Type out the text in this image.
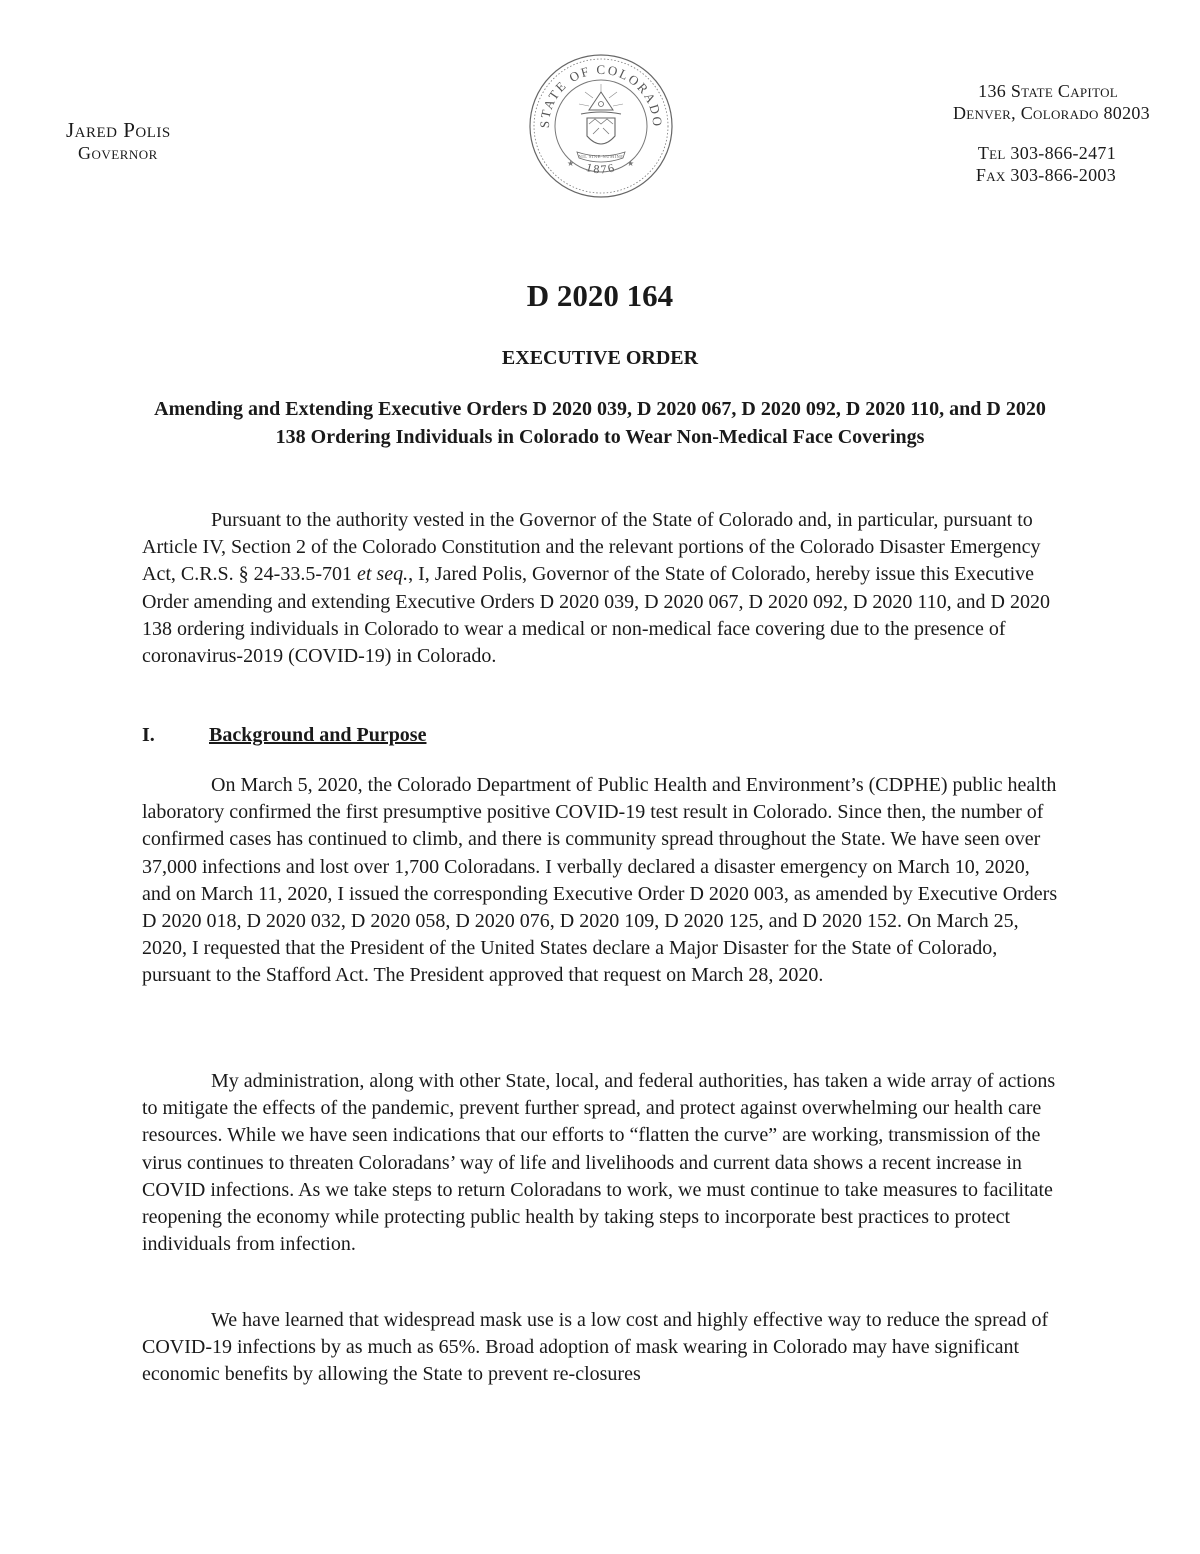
Jared Polis
Governor
STATE OF COLORADO
1876
NIL SINE NUMINE
★	★
136 State Capitol
Denver, Colorado 80203
Tel 303-866-2471
Fax 303-866-2003
D 2020 164
EXECUTIVE ORDER
Amending and Extending Executive Orders D 2020 039, D 2020 067, D 2020 092, D 2020 110, and D 2020 138 Ordering Individuals in Colorado to Wear Non-Medical Face Coverings

Pursuant to the authority vested in the Governor of the State of Colorado and, in particular, pursuant to Article IV, Section 2 of the Colorado Constitution and the relevant portions of the Colorado Disaster Emergency Act, C.R.S. § 24-33.5-701 et seq., I, Jared Polis, Governor of the State of Colorado, hereby issue this Executive Order amending and extending Executive Orders D 2020 039, D 2020 067, D 2020 092, D 2020 110, and D 2020 138 ordering individuals in Colorado to wear a medical or non-medical face covering due to the presence of coronavirus-2019 (COVID-19) in Colorado.

I.	Background and Purpose

On March 5, 2020, the Colorado Department of Public Health and Environment’s (CDPHE) public health laboratory confirmed the first presumptive positive COVID-19 test result in Colorado. Since then, the number of confirmed cases has continued to climb, and there is community spread throughout the State. We have seen over 37,000 infections and lost over 1,700 Coloradans. I verbally declared a disaster emergency on March 10, 2020, and on March 11, 2020, I issued the corresponding Executive Order D 2020 003, as amended by Executive Orders D 2020 018, D 2020 032, D 2020 058, D 2020 076, D 2020 109, D 2020 125, and D 2020 152. On March 25, 2020, I requested that the President of the United States declare a Major Disaster for the State of Colorado, pursuant to the Stafford Act. The President approved that request on March 28, 2020.

My administration, along with other State, local, and federal authorities, has taken a wide array of actions to mitigate the effects of the pandemic, prevent further spread, and protect against overwhelming our health care resources. While we have seen indications that our efforts to “flatten the curve” are working, transmission of the virus continues to threaten Coloradans’ way of life and livelihoods and current data shows a recent increase in COVID infections. As we take steps to return Coloradans to work, we must continue to take measures to facilitate reopening the economy while protecting public health by taking steps to incorporate best practices to protect individuals from infection.

We have learned that widespread mask use is a low cost and highly effective way to reduce the spread of COVID-19 infections by as much as 65%. Broad adoption of mask wearing in Colorado may have significant economic benefits by allowing the State to prevent re-closures
